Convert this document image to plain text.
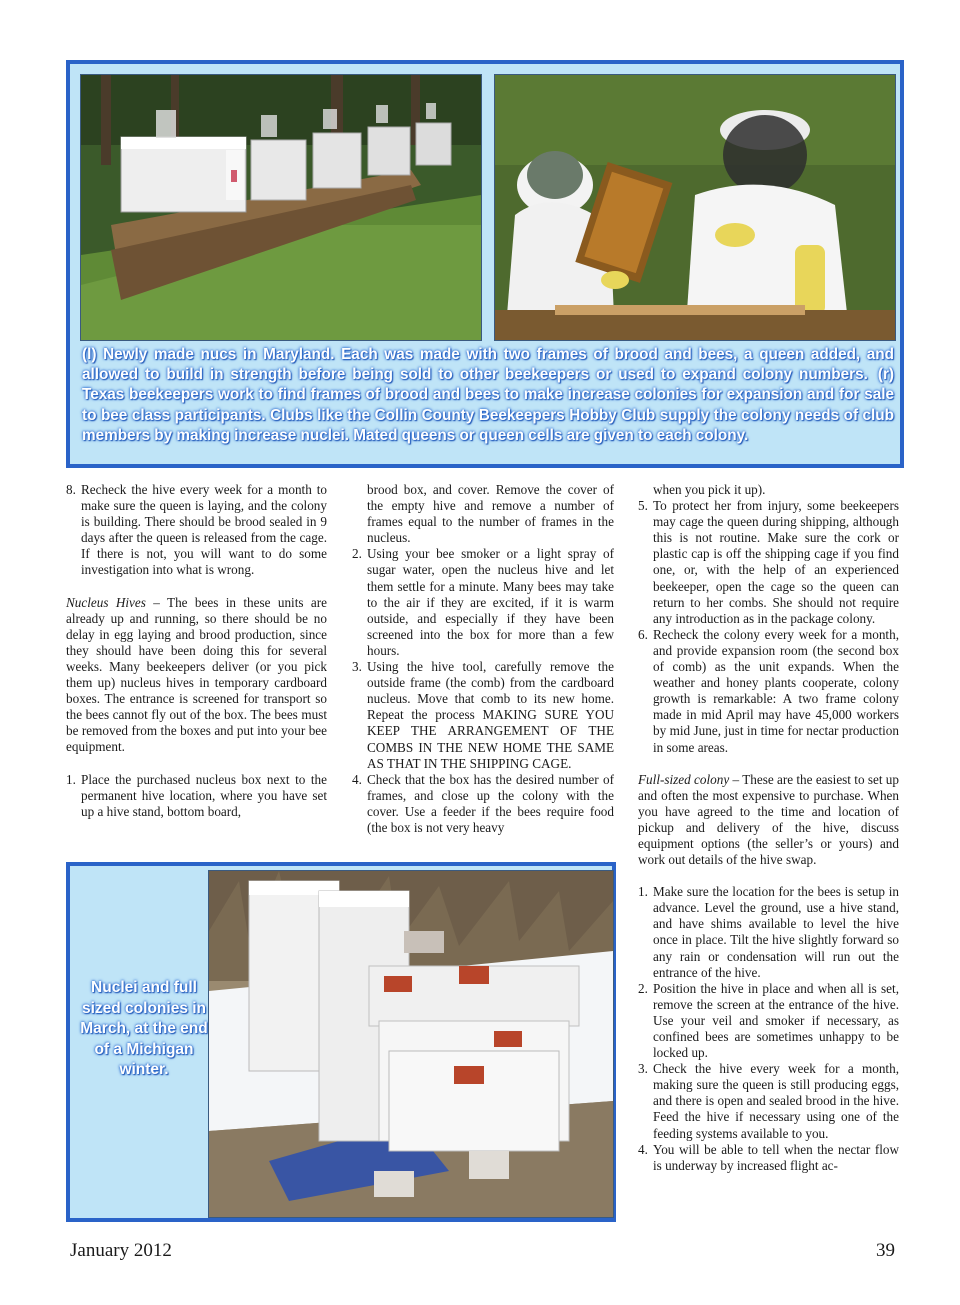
(l) Newly made nucs in Maryland. Each was made with two frames of brood and bees, a queen added, and allowed to build in strength before being sold to other beekeepers or used to expand colony numbers. (r) Texas beekeepers work to find frames of brood and bees to make increase colonies for expansion and for sale to bee class participants. Clubs like the Collin County Beekeepers Hobby Club supply the colony needs of club members by making increase nuclei. Mated queens or queen cells are given to each colony.
8. Recheck the hive every week for a month to make sure the queen is laying, and the colony is building. There should be brood sealed in 9 days after the queen is released from the cage. If there is not, you will want to do some investigation into what is wrong.

Nucleus Hives – The bees in these units are already up and running, so there should be no delay in egg laying and brood production, since they should have been doing this for several weeks. Many beekeepers deliver (or you pick them up) nucleus hives in temporary cardboard boxes. The entrance is screened for transport so the bees cannot fly out of the box. The bees must be removed from the boxes and put into your bee equipment.

1. Place the purchased nucleus box next to the permanent hive location, where you have set up a hive stand, bottom board,
brood box, and cover. Remove the cover of the empty hive and remove a number of frames equal to the number of frames in the nucleus.
2. Using your bee smoker or a light spray of sugar water, open the nucleus hive and let them settle for a minute. Many bees may take to the air if they are excited, if it is warm outside, and especially if they have been screened into the box for more than a few hours.
3. Using the hive tool, carefully remove the outside frame (the comb) from the cardboard nucleus. Move that comb to its new home. Repeat the process MAKING SURE YOU KEEP THE ARRANGEMENT OF THE COMBS IN THE NEW HOME THE SAME AS THAT IN THE SHIPPING CAGE.
4. Check that the box has the desired number of frames, and close up the colony with the cover. Use a feeder if the bees require food (the box is not very heavy
when you pick it up).
5. To protect her from injury, some beekeepers may cage the queen during shipping, although this is not routine. Make sure the cork or plastic cap is off the shipping cage if you find one, or, with the help of an experienced beekeeper, open the cage so the queen can return to her combs. She should not require any introduction as in the package colony.
6. Recheck the colony every week for a month, and provide expansion room (the second box of comb) as the unit expands. When the weather and honey plants cooperate, colony growth is remarkable: A two frame colony made in mid April may have 45,000 workers by mid June, just in time for nectar production in some areas.

Full-sized colony – These are the easiest to set up and often the most expensive to purchase. When you have agreed to the time and location of pickup and delivery of the hive, discuss equipment options (the seller’s or yours) and work out details of the hive swap.

1. Make sure the location for the bees is setup in advance. Level the ground, use a hive stand, and have shims available to level the hive once in place. Tilt the hive slightly forward so any rain or condensation will run out the entrance of the hive.
2. Position the hive in place and when all is set, remove the screen at the entrance of the hive. Use your veil and smoker if necessary, as confined bees are sometimes unhappy to be locked up.
3. Check the hive every week for a month, making sure the queen is still producing eggs, and there is open and sealed brood in the hive. Feed the hive if necessary using one of the feeding systems available to you.
4. You will be able to tell when the nectar flow is underway by increased flight ac-
Nuclei and full sized colonies in March, at the end of a Michigan winter.
January 2012	39
